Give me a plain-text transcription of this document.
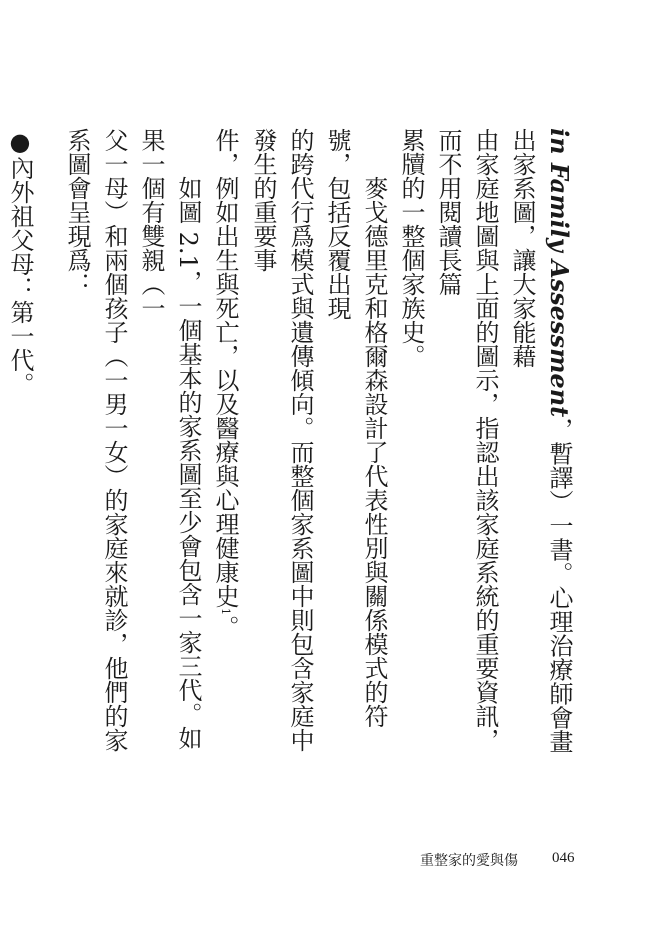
in Family Assessment，暫譯）一書。心理治療師會畫出家系圖，讓大家能藉

由家庭地圖與上面的圖示，指認出該家庭系統的重要資訊，而不用閱讀長篇

累牘的一整個家族史。

麥戈德里克和格爾森設計了代表性別與關係模式的符號，包括反覆出現

的跨代行爲模式與遺傳傾向。而整個家系圖中則包含家庭中發生的重要事

件，例如出生與死亡，以及醫療與心理健康史1。

如圖 2.1，一個基本的家系圖至少會包含一家三代。如果一個有雙親（一

父一母）和兩個孩子（一男一女）的家庭來就診，他們的家系圖會呈現爲：

●內外祖父母：第一代。

重整家的愛與傷 046
